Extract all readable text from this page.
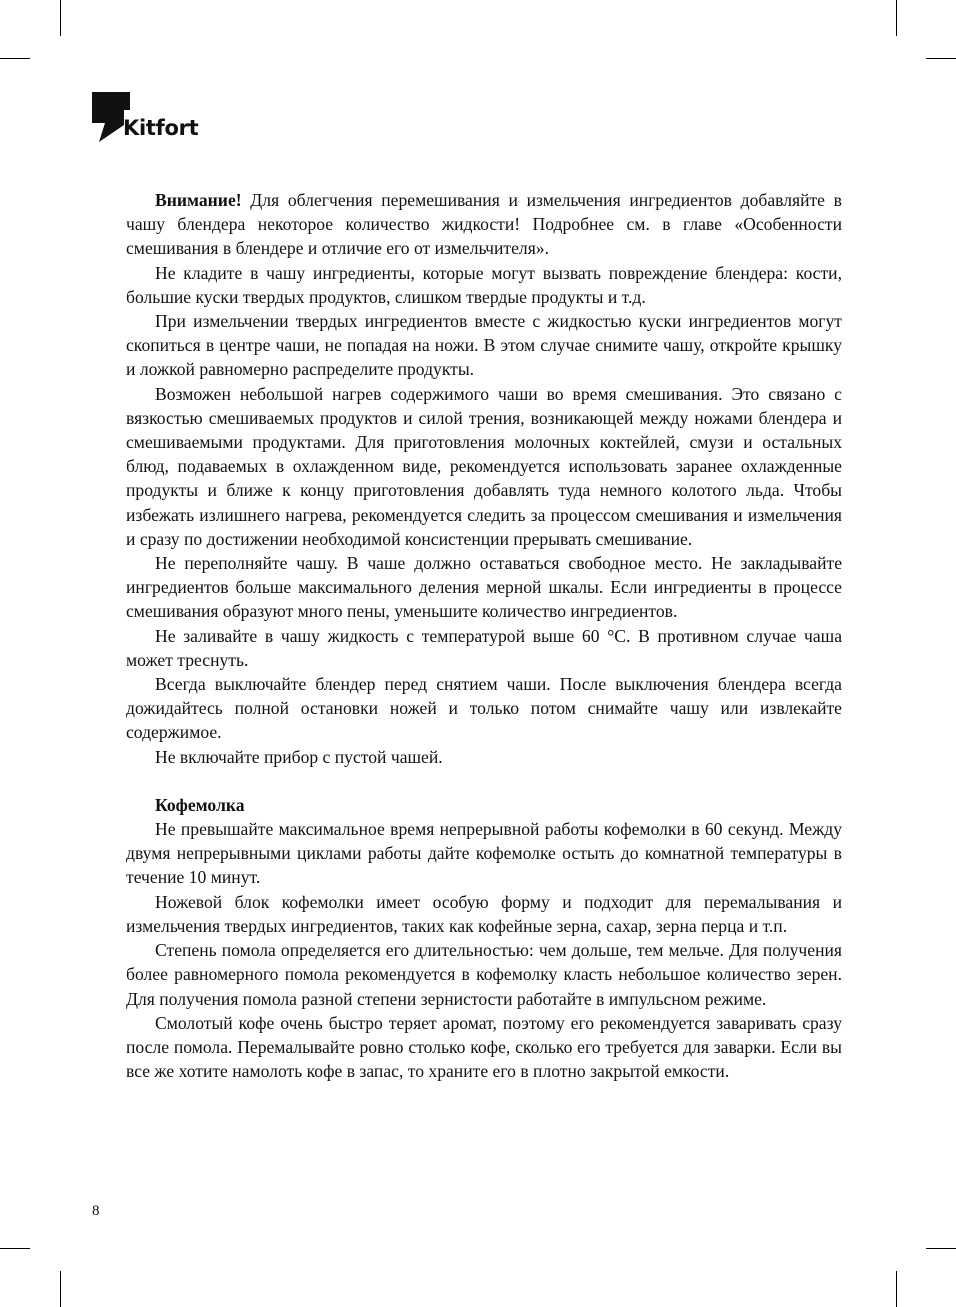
Kitfort

Внимание! Для облегчения перемешивания и измельчения ингредиентов добавляйте в чашу блендера некоторое количество жидкости! Подробнее см. в главе «Особенности смешивания в блендере и отличие его от измельчителя».

Не кладите в чашу ингредиенты, которые могут вызвать повреждение блендера: кости, большие куски твердых продуктов, слишком твердые продукты и т.д.

При измельчении твердых ингредиентов вместе с жидкостью куски ингредиентов могут скопиться в центре чаши, не попадая на ножи. В этом случае снимите чашу, откройте крышку и ложкой равномерно распределите продукты.

Возможен небольшой нагрев содержимого чаши во время смешивания. Это связано с вязкостью смешиваемых продуктов и силой трения, возникающей между ножами блендера и смешиваемыми продуктами. Для приготовления молочных коктейлей, смузи и остальных блюд, подаваемых в охлажденном виде, рекомендуется использовать заранее охлажденные продукты и ближе к концу приготовления добавлять туда немного колотого льда. Чтобы избежать излишнего нагрева, рекомендуется следить за процессом смешивания и измельчения и сразу по достижении необходимой консистенции прерывать смешивание.

Не переполняйте чашу. В чаше должно оставаться свободное место. Не закладывайте ингредиентов больше максимального деления мерной шкалы. Если ингредиенты в процессе смешивания образуют много пены, уменьшите количество ингредиентов.

Не заливайте в чашу жидкость с температурой выше 60 °С. В противном случае чаша может треснуть.

Всегда выключайте блендер перед снятием чаши. После выключения блендера всегда дожидайтесь полной остановки ножей и только потом снимайте чашу или извлекайте содержимое.

Не включайте прибор с пустой чашей.

Кофемолка

Не превышайте максимальное время непрерывной работы кофемолки в 60 секунд. Между двумя непрерывными циклами работы дайте кофемолке остыть до комнатной температуры в течение 10 минут.

Ножевой блок кофемолки имеет особую форму и подходит для перемалывания и измельчения твердых ингредиентов, таких как кофейные зерна, сахар, зерна перца и т.п.

Степень помола определяется его длительностью: чем дольше, тем мельче. Для получения более равномерного помола рекомендуется в кофемолку класть небольшое количество зерен. Для получения помола разной степени зернистости работайте в импульсном режиме.

Смолотый кофе очень быстро теряет аромат, поэтому его рекомендуется заваривать сразу после помола. Перемалывайте ровно столько кофе, сколько его требуется для заварки. Если вы все же хотите намолоть кофе в запас, то храните его в плотно закрытой емкости.

8
